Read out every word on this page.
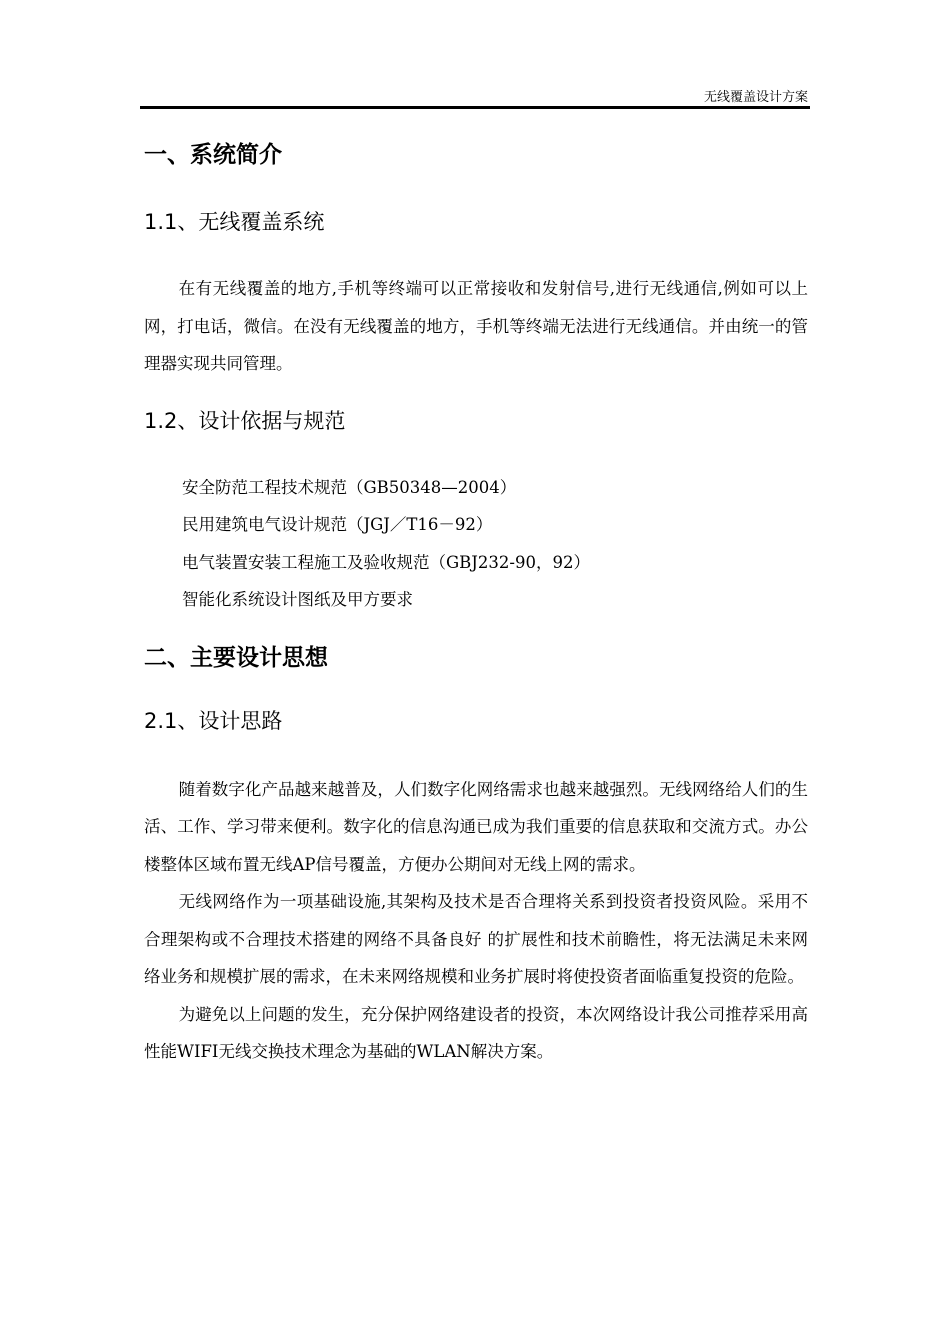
无线覆盖设计方案
一、系统简介
1.1、无线覆盖系统

在有无线覆盖的地方,手机等终端可以正常接收和发射信号,进行无线通信,例如可以上网，打电话，微信。在没有无线覆盖的地方，手机等终端无法进行无线通信。并由统一的管理器实现共同管理。

1.2、设计依据与规范
安全防范工程技术规范（GB50348—2004）
民用建筑电气设计规范（JGJ／T16－92）
电气装置安装工程施工及验收规范（GBJ232-90，92）
智能化系统设计图纸及甲方要求
二、主要设计思想
2.1、设计思路

随着数字化产品越来越普及，人们数字化网络需求也越来越强烈。无线网络给人们的生活、工作、学习带来便利。数字化的信息沟通已成为我们重要的信息获取和交流方式。办公楼整体区域布置无线AP信号覆盖，方便办公期间对无线上网的需求。

无线网络作为一项基础设施,其架构及技术是否合理将关系到投资者投资风险。采用不合理架构或不合理技术搭建的网络不具备良好 的扩展性和技术前瞻性，将无法满足未来网络业务和规模扩展的需求，在未来网络规模和业务扩展时将使投资者面临重复投资的危险。

为避免以上问题的发生，充分保护网络建设者的投资，本次网络设计我公司推荐采用高性能WIFI无线交换技术理念为基础的WLAN解决方案。
